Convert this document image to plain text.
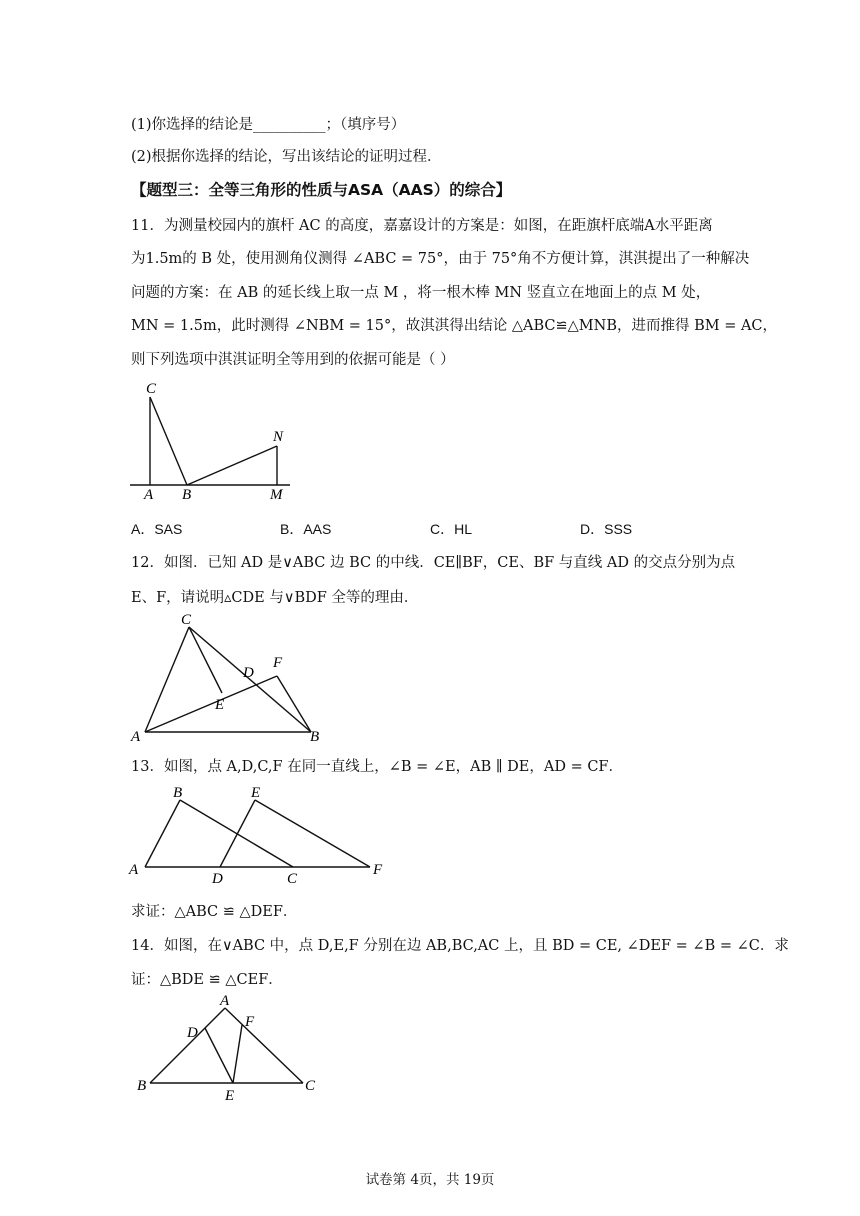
(1)你选择的结论是__________；（填序号）
(2)根据你选择的结论，写出该结论的证明过程．
【题型三：全等三角形的性质与ASA（AAS）的综合】
11．为测量校园内的旗杆 AC 的高度，嘉嘉设计的方案是：如图，在距旗杆底端A水平距离
为1.5m的 B 处，使用测角仪测得 ∠ABC = 75°，由于 75°角不方便计算，淇淇提出了一种解决
问题的方案：在 AB 的延长线上取一点 M ，将一根木棒 MN 竖直立在地面上的点 M 处，
MN = 1.5m，此时测得 ∠NBM = 15°，故淇淇得出结论 △ABC≌△MNB，进而推得 BM = AC，
则下列选项中淇淇证明全等用到的依据可能是（ ）
C
A B
N
M
A．SAS	B．AAS	C．HL	D．SSS
12．如图．已知 AD 是∨ABC 边 BC 的中线．CE∥BF，CE、BF 与直线 AD 的交点分别为点
E、F，请说明▵CDE 与∨BDF 全等的理由．
C
D
F
E
A	B
13．如图，点 A,D,C,F 在同一直线上，∠B = ∠E，AB ∥ DE，AD = CF．
B	E
A
D	C
F
求证：△ABC ≌ △DEF．
14．如图，在∨ABC 中，点 D,E,F 分别在边 AB,BC,AC 上，且 BD = CE, ∠DEF = ∠B = ∠C．求
证：△BDE ≌ △CEF．
A
D
F
B
E
C
试卷第 4页，共 19页
